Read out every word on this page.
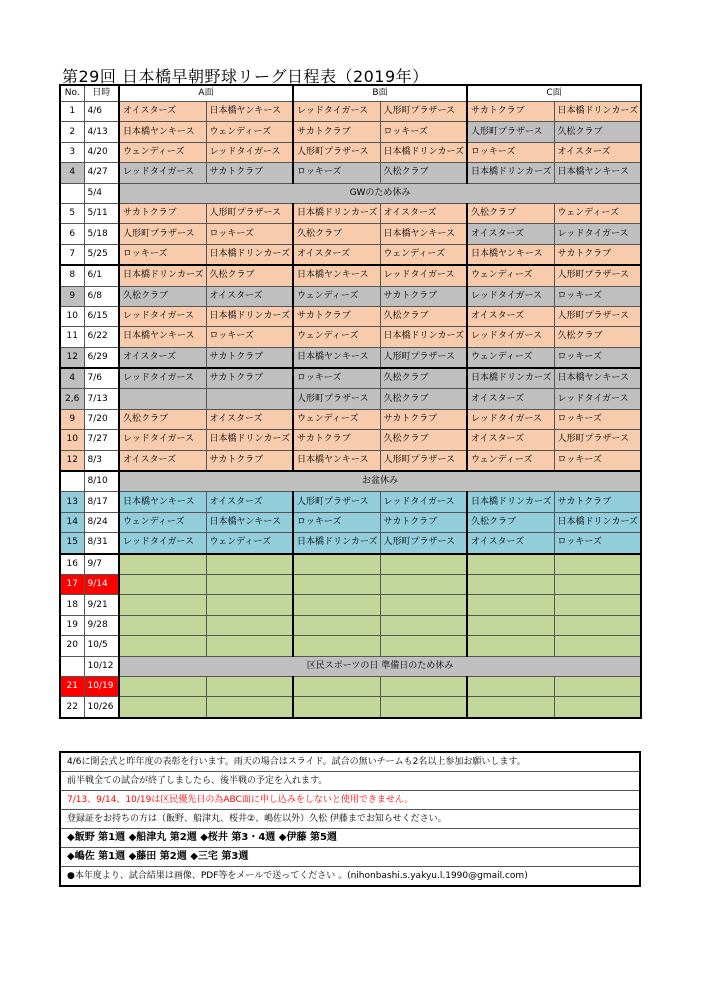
第29回 日本橋早朝野球リーグ日程表（2019年）
No.	日時	A面		B面		C面	
1	4/6	オイスターズ	日本橋ヤンキース	レッドタイガース	人形町プラザース	サカトクラブ	日本橋ドリンカーズ
2	4/13	日本橋ヤンキース	ウェンディーズ	サカトクラブ	ロッキーズ	人形町プラザース	久松クラブ
3	4/20	ウェンディーズ	レッドタイガース	人形町プラザース	日本橋ドリンカーズ	ロッキーズ	オイスターズ
4	4/27	レッドタイガース	サカトクラブ	ロッキーズ	久松クラブ	日本橋ドリンカーズ	日本橋ヤンキース
	5/4	GWのため休み					
5	5/11	サカトクラブ	人形町プラザース	日本橋ドリンカーズ	オイスターズ	久松クラブ	ウェンディーズ
6	5/18	人形町プラザース	ロッキーズ	久松クラブ	日本橋ヤンキース	オイスターズ	レッドタイガース
7	5/25	ロッキーズ	日本橋ドリンカーズ	オイスターズ	ウェンディーズ	日本橋ヤンキース	サカトクラブ
8	6/1	日本橋ドリンカーズ	久松クラブ	日本橋ヤンキース	レッドタイガース	ウェンディーズ	人形町プラザース
9	6/8	久松クラブ	オイスターズ	ウェンディーズ	サカトクラブ	レッドタイガース	ロッキーズ
10	6/15	レッドタイガース	日本橋ドリンカーズ	サカトクラブ	久松クラブ	オイスターズ	人形町プラザース
11	6/22	日本橋ヤンキース	ロッキーズ	ウェンディーズ	日本橋ドリンカーズ	レッドタイガース	久松クラブ
12	6/29	オイスターズ	サカトクラブ	日本橋ヤンキース	人形町プラザース	ウェンディーズ	ロッキーズ
4	7/6	レッドタイガース	サカトクラブ	ロッキーズ	久松クラブ	日本橋ドリンカーズ	日本橋ヤンキース
2,6	7/13			人形町プラザース	久松クラブ	オイスターズ	レッドタイガース
9	7/20	久松クラブ	オイスターズ	ウェンディーズ	サカトクラブ	レッドタイガース	ロッキーズ
10	7/27	レッドタイガース	日本橋ドリンカーズ	サカトクラブ	久松クラブ	オイスターズ	人形町プラザース
12	8/3	オイスターズ	サカトクラブ	日本橋ヤンキース	人形町プラザース	ウェンディーズ	ロッキーズ
	8/10	お盆休み					
13	8/17	日本橋ヤンキース	オイスターズ	人形町プラザース	レッドタイガース	日本橋ドリンカーズ	サカトクラブ
14	8/24	ウェンディーズ	日本橋ヤンキース	ロッキーズ	サカトクラブ	久松クラブ	日本橋ドリンカーズ
15	8/31	レッドタイガース	ウェンディーズ	日本橋ドリンカーズ	人形町プラザース	オイスターズ	ロッキーズ
16	9/7						
17	9/14						
18	9/21						
19	9/28						
20	10/5						
	10/12	区民スポーツの日 準備日のため休み					
21	10/19						
22	10/26						
4/6に開会式と昨年度の表彰を行います。雨天の場合はスライド。試合の無いチームも2名以上参加お願いします。
前半戦全ての試合が終了しましたら、後半戦の予定を入れます。
7/13、9/14、10/19は区民優先日の為ABC面に申し込みをしないと使用できません。
登録証をお持ちの方は（飯野、船津丸、桜井②、嶋佐以外）久松 伊藤までお知らせください。
◆飯野 第1週 ◆船津丸 第2週 ◆桜井 第3・4週 ◆伊藤 第5週
◆嶋佐 第1週 ◆藤田 第2週 ◆三宅 第3週
●本年度より、試合結果は画像、PDF等をメールで送ってください 。(nihonbashi.s.yakyu.l.1990@gmail.com)
